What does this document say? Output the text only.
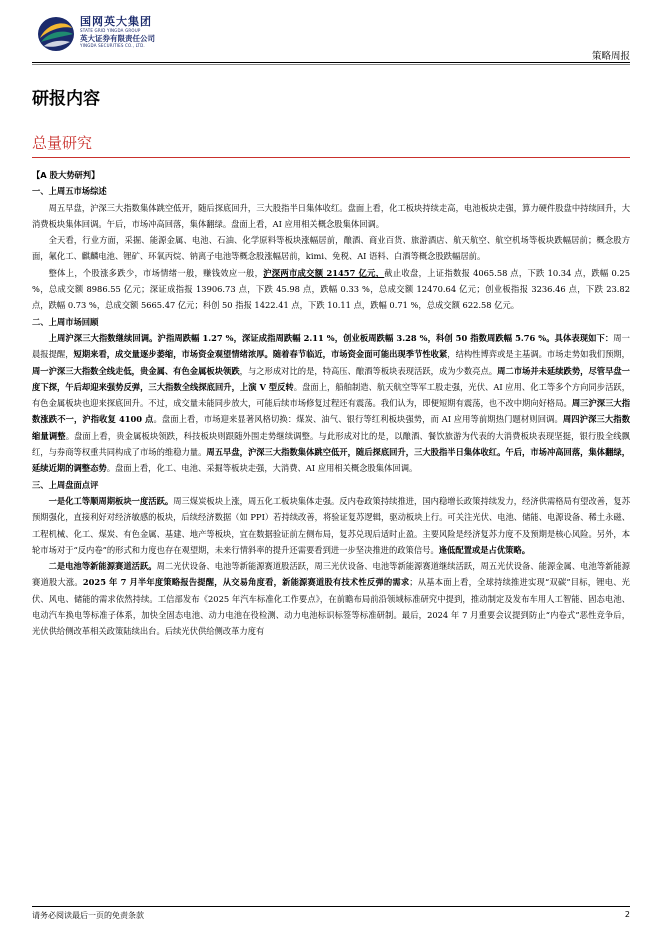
国网英大集团
STATE GRID YINGDA GROUP
英大证券有限责任公司
YINGDA SECURITIES CO., LTD.
策略周报
研报内容
总量研究

【A 股大势研判】

一、上周五市场综述

周五早盘，沪深三大指数集体跳空低开，随后探底回升，三大股指半日集体收红。盘面上看，化工板块持续走高，电池板块走强，算力硬件股盘中持续回升，大消费板块集体回调。午后，市场冲高回落，集体翻绿。盘面上看，AI 应用相关概念股集体回调。

全天看，行业方面，采掘、能源金属、电池、石油、化学原料等板块涨幅居前，酿酒、商业百货、旅游酒店、航天航空、航空机场等板块跌幅居前；概念股方面，氟化工、麒麟电池、锂矿、环氧丙烷、钠离子电池等概念股涨幅居前，kimi、免税、AI 语料、白酒等概念股跌幅居前。

整体上，个股涨多跌少，市场情绪一般，赚钱效应一般，沪深两市成交额 21457 亿元，截止收盘，上证指数报 4065.58 点，下跌 10.34 点，跌幅 0.25 %，总成交额 8986.55 亿元；深证成指报 13906.73 点，下跌 45.98 点，跌幅 0.33 %，总成交额 12470.64 亿元；创业板指报 3236.46 点，下跌 23.82 点，跌幅 0.73 %，总成交额 5665.47 亿元；科创 50 指报 1422.41 点，下跌 10.11 点，跌幅 0.71 %，总成交额 622.58 亿元。

二、上周市场回顾

上周沪深三大指数继续回调。沪指周跌幅 1.27 %，深证成指周跌幅 2.11 %，创业板周跌幅 3.28 %，科创 50 指数周跌幅 5.76 %。具体表现如下：周一晨报提醒，短期来看，成交量逐步萎缩，市场资金观望情绪浓厚。随着春节临近，市场资金面可能出现季节性收紧，结构性博弈或是主基调。市场走势如我们预期，周一沪深三大指数全线走低，贵金属、有色金属板块领跌，与之形成对比的是，特高压、酿酒等板块表现活跃，成为少数亮点。周二市场并未延续跌势，尽管早盘一度下探，午后却迎来强势反弹，三大指数全线探底回升，上演 V 型反转。盘面上，船舶制造、航天航空等军工股走强，光伏、AI 应用、化工等多个方向同步活跃，有色金属板块也迎来探底回升。不过，成交量未能同步放大，可能后续市场修复过程还有震荡。我们认为，即便短期有震荡，也不改中期向好格局。周三沪深三大指数涨跌不一，沪指收复 4100 点。盘面上看，市场迎来显著风格切换：煤炭、油气、银行等红利板块强势，而 AI 应用等前期热门题材则回调。周四沪深三大指数缩量调整。盘面上看，贵金属板块领跌，科技板块则跟随外围走势继续调整。与此形成对比的是，以酿酒、餐饮旅游为代表的大消费板块表现坚挺，银行股全线飘红，与券商等权重共同构成了市场的维稳力量。周五早盘，沪深三大指数集体跳空低开，随后探底回升，三大股指半日集体收红。午后，市场冲高回落，集体翻绿，延续近期的调整态势。盘面上看，化工、电池、采掘等板块走强，大消费、AI 应用相关概念股集体回调。

三、上周盘面点评

一是化工等顺周期板块一度活跃。周三煤炭板块上涨，周五化工板块集体走强。反内卷政策持续推进，国内稳增长政策持续发力，经济供需格局有望改善，复苏预期强化，直接利好对经济敏感的板块，后续经济数据（如 PPI）若持续改善，将验证复苏逻辑，驱动板块上行。可关注光伏、电池、储能、电源设备、稀土永磁、工程机械、化工、煤炭、有色金属、基建、地产等板块，宜在数据验证前左侧布局，复苏兑现后适时止盈。主要风险是经济复苏力度不及预期是核心风险。另外，本轮市场对于“反内卷”的形式和力度也存在观望期，未来行情斜率的提升还需要看到进一步坚决推进的政策信号。逢低配置或是占优策略。

二是电池等新能源赛道活跃。周二光伏设备、电池等新能源赛道股活跃，周三光伏设备、电池等新能源赛道继续活跃，周五光伏设备、能源金属、电池等新能源赛道股大涨。2025 年 7 月半年度策略报告提醒，从交易角度看，新能源赛道股有技术性反弹的需求；从基本面上看，全球持续推进实现“双碳”目标，锂电、光伏、风电、储能的需求依然持续。工信部发布《2025 年汽车标准化工作要点》，在前瞻布局前沿领域标准研究中提到，推动制定及发布车用人工智能、固态电池、电动汽车换电等标准子体系，加快全固态电池、动力电池在役检测、动力电池标识标签等标准研制。最后，2024 年 7 月重要会议提到防止“内卷式”恶性竞争后，光伏供给侧改革相关政策陆续出台。后续光伏供给侧改革力度有

请务必阅读最后一页的免责条款	2
